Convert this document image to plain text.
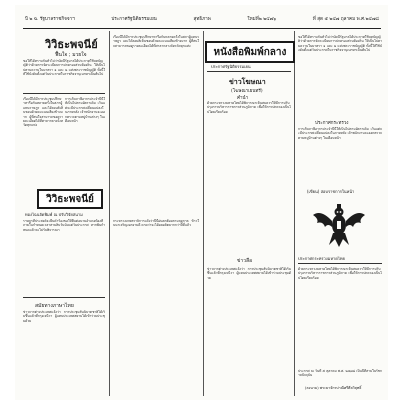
ปี ๒ ฉ. รัฐบาลราชกิจจาฯ	ประกาศรัฐนิติธรรมเยน	สุทธิภาพ	ใหม่ที่๒ ๒๔๗๖	ที่ สุด ๕ ๒๔๗ ถุลาคม พ.ศ.๒๔๗๘
วิวิธะพจนีย์
ฟื้นใจ ; มวยใจ
ขอให้ได้ทราบกันทั่วไปว่าบัดนี้รัฐบาลได้ประกาศใช้บทบัญญัติว่าด้วยการจัดระเบียบการปกครองส่วนท้องถิ่น ให้เป็นไปตามความในมาตรา ๑ และ ๒ แห่งพระราชบัญญัติ ทั้งนี้ให้ใช้บังคับตั้งแต่วันประกาศในราชกิจจานุเบกษาเป็นต้นไป
เรื่องนี้ได้มีการประชุมปรึกษาหารือกันหลายครั้งในสภาผู้แทนราษฎร และได้ลงมติเห็นชอบด้วยคะแนนเสียงข้างมาก ผู้ที่สนใจสามารถขอดูรายละเอียดได้ที่ศาลากลางจังหวัดทุกแห่ง
การเก็บภาษีอากรประจำปีนี้ให้เป็นไปตามอัตราเดิม เว้นแต่จะมีประกาศเปลี่ยนแปลงในภายหลัง เจ้าพนักงานจะออกตรวจตามหมู่บ้านต่างๆ ในเดือนหน้า
วิวิธะพจนีย์
ทองไฉนจัดพิมพ์ ณ ปรับวิจัยสนาม
ราษฎรที่ประสงค์จะยื่นคำร้องขอให้ยื่นต่อนายอำเภอท้องที่ภายในกำหนดเวลาสามสิบวันนับแต่วันประกาศ หากพ้นกำหนดแล้วจะไม่รับพิจารณา
สมัยทางภาษาไทย
ข่าวจากต่างประเทศแจ้งว่า การประชุมสันนิบาตชาติได้เริ่มขึ้นแล้วที่กรุงเจนีวา ผู้แทนประเทศสยามได้เข้าร่วมประชุมด้วย
เรื่องนี้ได้มีการประชุมปรึกษาหารือกันหลายครั้งในสภาผู้แทนราษฎร และได้ลงมติเห็นชอบด้วยคะแนนเสียงข้างมาก ผู้ที่สนใจสามารถขอดูรายละเอียดได้ที่ศาลากลางจังหวัดทุกแห่ง
กระทรวงเกษตราธิการแจ้งว่าปีนี้ฝนตกต้องตามฤดูกาล ข้าวในนาเจริญงอกงามดี คาดว่าจะได้ผลผลิตมากกว่าปีที่แล้ว
หนังสือพิมพ์กลาง
ประกาศรัฐนิติธรรมเยน
ข่าวโฆษณา
(โฆษณาเยนทรี)
คำนำ
ด้วยกระทรวงมหาดไทยได้พิจารณาเห็นสมควรให้มีการปรับปรุงการบริหารราชการส่วนภูมิภาค เพื่อให้การปกครองเป็นไปโดยเรียบร้อย
ข่าวลือ
ข่าวจากต่างประเทศแจ้งว่า การประชุมสันนิบาตชาติได้เริ่มขึ้นแล้วที่กรุงเจนีวา ผู้แทนประเทศสยามได้เข้าร่วมประชุมด้วย
ขอให้ได้ทราบกันทั่วไปว่าบัดนี้รัฐบาลได้ประกาศใช้บทบัญญัติว่าด้วยการจัดระเบียบการปกครองส่วนท้องถิ่น ให้เป็นไปตามความในมาตรา ๑ และ ๒ แห่งพระราชบัญญัติ ทั้งนี้ให้ใช้บังคับตั้งแต่วันประกาศในราชกิจจานุเบกษาเป็นต้นไป
ประกาศกระทรวง
การเก็บภาษีอากรประจำปีนี้ให้เป็นไปตามอัตราเดิม เว้นแต่จะมีประกาศเปลี่ยนแปลงในภายหลัง เจ้าพนักงานจะออกตรวจตามหมู่บ้านต่างๆ ในเดือนหน้า
(เขียน) สอบราชการในหน้า
ประกาศกระทรวงมหาดไทย
ด้วยกระทรวงมหาดไทยได้พิจารณาเห็นสมควรให้มีการปรับปรุงการบริหารราชการส่วนภูมิภาค เพื่อให้การปกครองเป็นไปโดยเรียบร้อย
ประกาศ ณ วันที่ ๕ ตุลาคม พ.ศ. ๒๔๗๘ เป็นปีที่สามในรัชกาลปัจจุบัน
(ลงนาม) พระยาจักรปาณีศรีศีลวิสุทธิ์
